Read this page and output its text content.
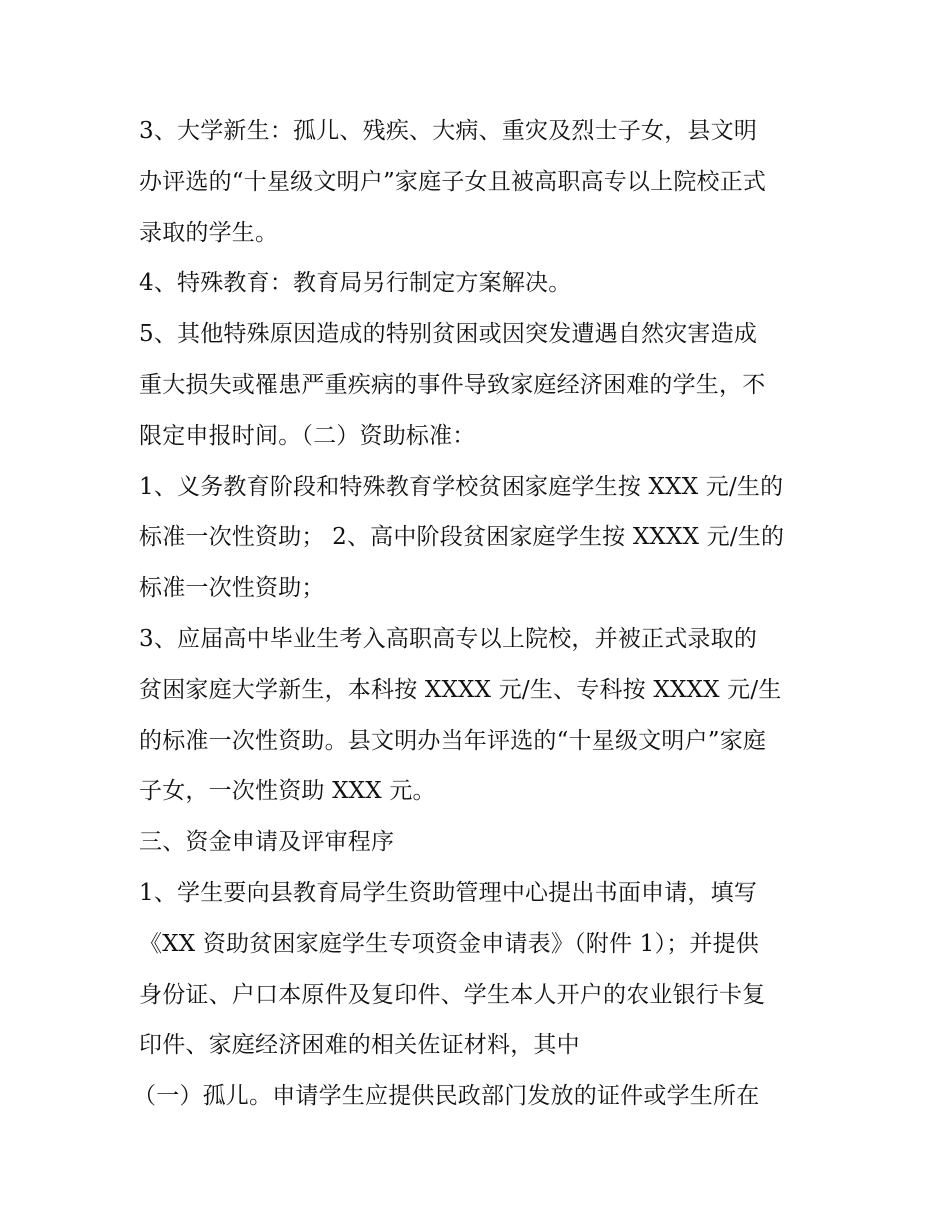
3、大学新生：孤儿、残疾、大病、重灾及烈士子女，县文明
办评选的“十星级文明户”家庭子女且被高职高专以上院校正式
录取的学生。
4、特殊教育：教育局另行制定方案解决。
5、其他特殊原因造成的特别贫困或因突发遭遇自然灾害造成
重大损失或罹患严重疾病的事件导致家庭经济困难的学生，不
限定申报时间。（二）资助标准：
1、义务教育阶段和特殊教育学校贫困家庭学生按 XXX 元/生的
标准一次性资助； 2、高中阶段贫困家庭学生按 XXXX 元/生的
标准一次性资助；
3、应届高中毕业生考入高职高专以上院校，并被正式录取的
贫困家庭大学新生，本科按 XXXX 元/生、专科按 XXXX 元/生
的标准一次性资助。县文明办当年评选的“十星级文明户”家庭
子女，一次性资助 XXX 元。
三、资金申请及评审程序
1、学生要向县教育局学生资助管理中心提出书面申请，填写
《XX 资助贫困家庭学生专项资金申请表》（附件 1）；并提供
身份证、户口本原件及复印件、学生本人开户的农业银行卡复
印件、家庭经济困难的相关佐证材料，其中
（一）孤儿。申请学生应提供民政部门发放的证件或学生所在
